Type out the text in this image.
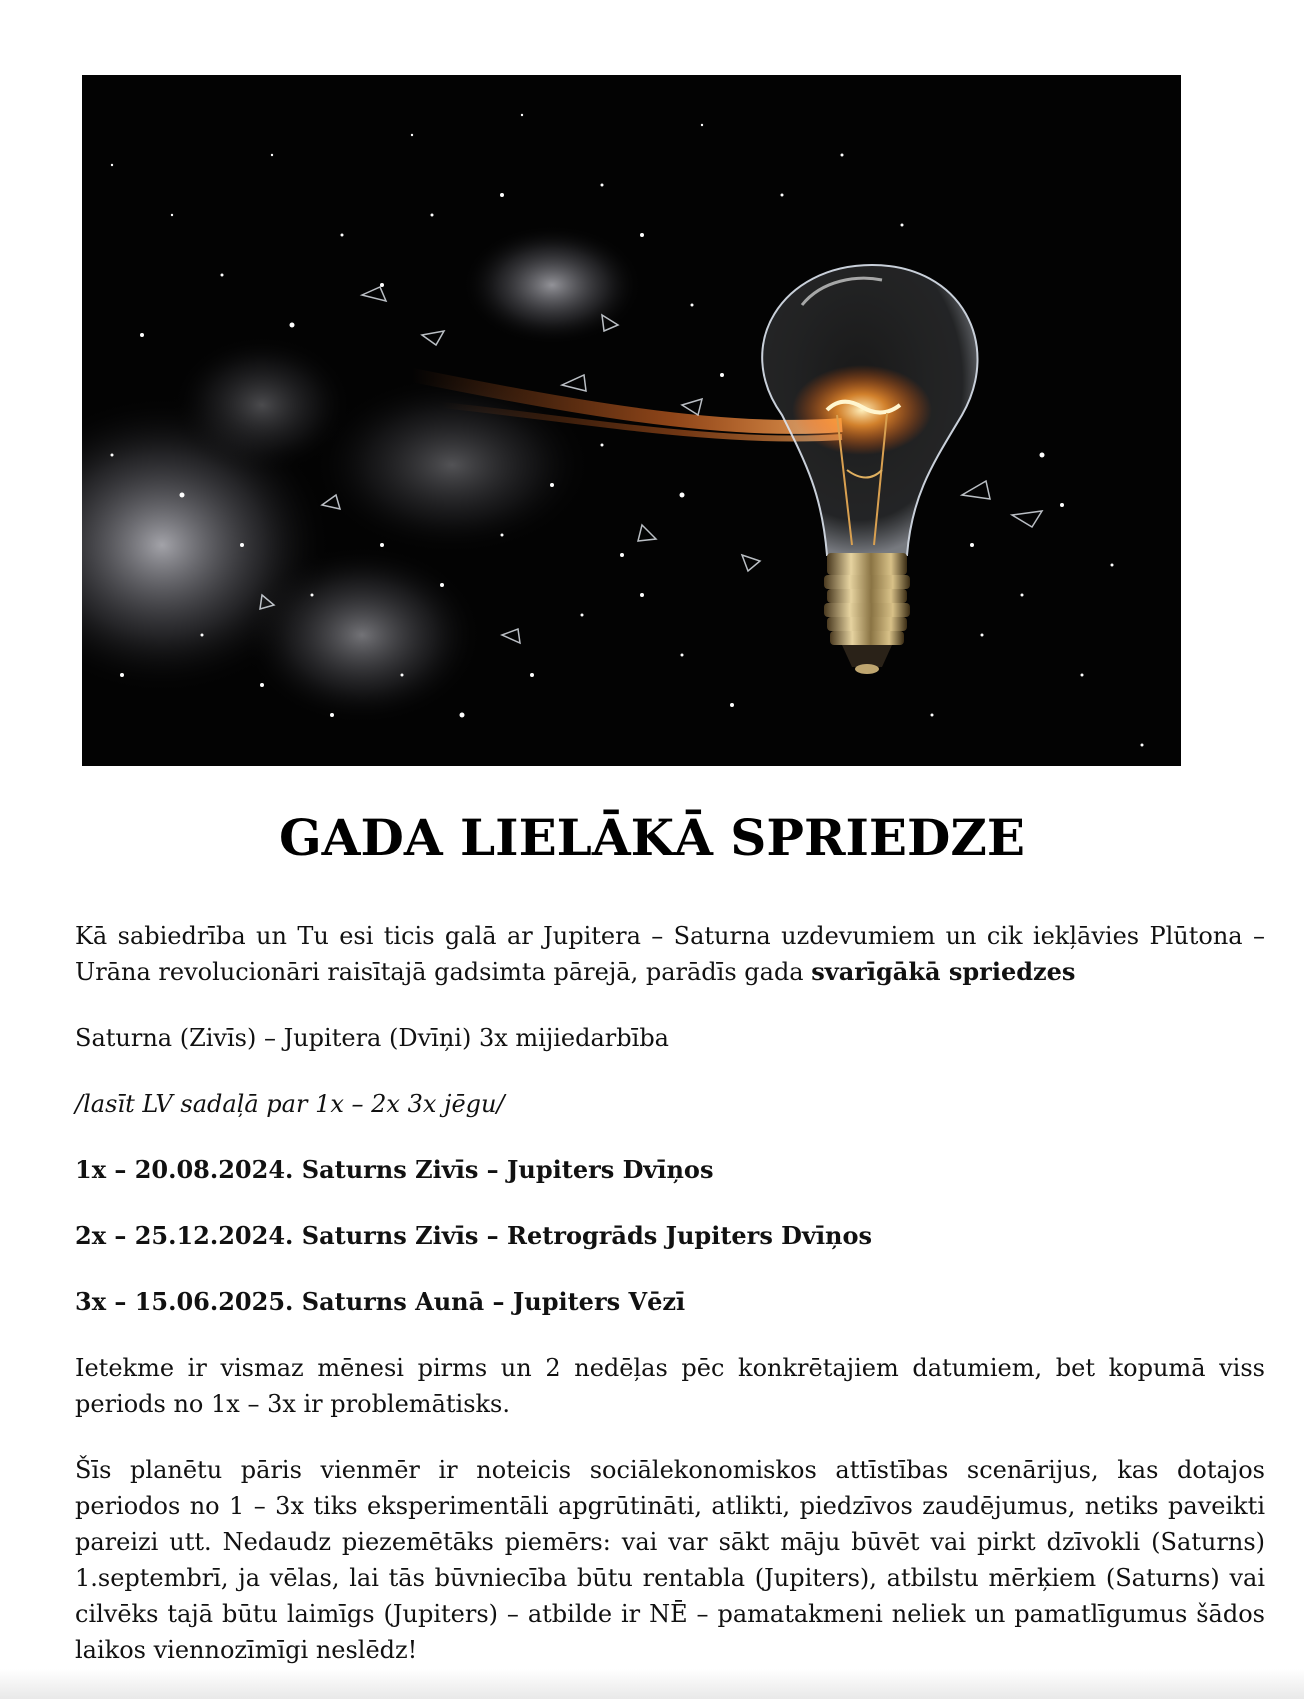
GADA LIELĀKĀ SPRIEDZE

Kā sabiedrība un Tu esi ticis galā ar Jupitera – Saturna uzdevumiem un cik iekļāvies Plūtona – Urāna revolucionāri raisītajā gadsimta pārejā, parādīs gada svarīgākā spriedzes

Saturna (Zivīs) – Jupitera (Dvīņi) 3x mijiedarbība

/lasīt LV sadaļā par 1x – 2x 3x jēgu/

1x – 20.08.2024. Saturns Zivīs – Jupiters Dvīņos

2x – 25.12.2024. Saturns Zivīs – Retrogrāds Jupiters Dvīņos

3x – 15.06.2025. Saturns Aunā – Jupiters Vēzī

Ietekme ir vismaz mēnesi pirms un 2 nedēļas pēc konkrētajiem datumiem, bet kopumā viss periods no 1x – 3x ir problemātisks.

Šīs planētu pāris vienmēr ir noteicis sociālekonomiskos attīstības scenārijus, kas dotajos periodos no 1 – 3x tiks eksperimentāli apgrūtināti, atlikti, piedzīvos zaudējumus, netiks paveikti pareizi utt. Nedaudz piezemētāks piemērs: vai var sākt māju būvēt vai pirkt dzīvokli (Saturns) 1.septembrī, ja vēlas, lai tās būvniecība būtu rentabla (Jupiters), atbilstu mērķiem (Saturns) vai cilvēks tajā būtu laimīgs (Jupiters) – atbilde ir NĒ – pamatakmeni neliek un pamatlīgumus šādos laikos viennozīmīgi neslēdz!
